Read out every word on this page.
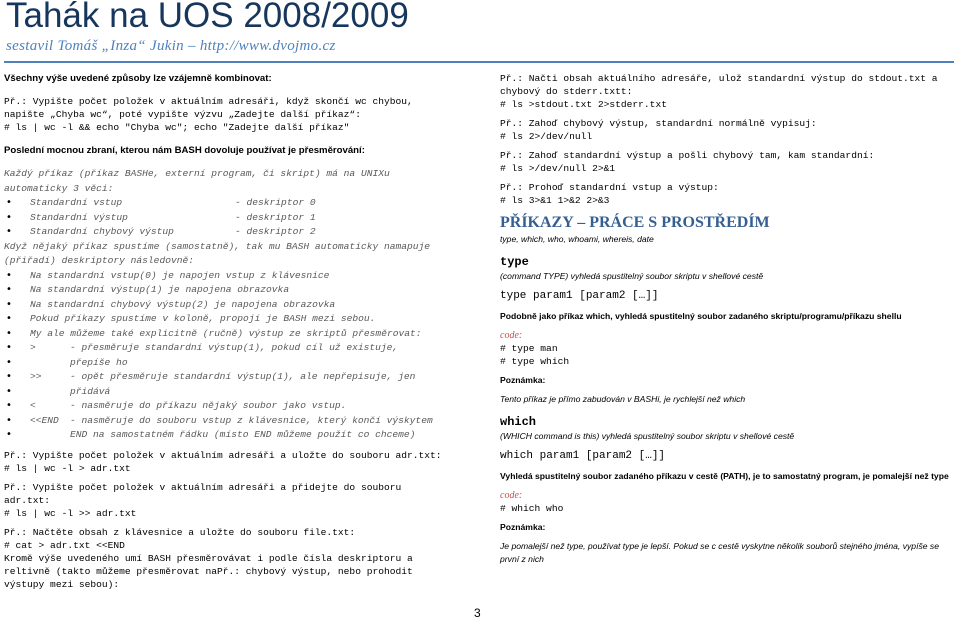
Tahák na UOS 2008/2009
sestavil Tomáš „Inza“ Jukin – http://www.dvojmo.cz
Všechny výše uvedené způsoby lze vzájemně kombinovat:
Př.: Vypište počet položek v aktuálním adresáři, když skončí wc chybou,
napište „Chyba wc“, poté vypište výzvu „Zadejte další příkaz“:
# ls | wc -l && echo "Chyba wc"; echo "Zadejte další příkaz"
Poslední mocnou zbraní, kterou nám BASH dovoluje používat je přesměrování:
Každý příkaz (příkaz BASHe, externí program, či skript) má na UNIXu
automaticky 3 věci:
• Standardní vstup	- deskriptor 0
• Standardní výstup	- deskriptor 1
• Standardní chybový výstup	- deskriptor 2
Když nějaký příkaz spustíme (samostatně), tak mu BASH automaticky namapuje
(přiřadí) deskriptory následovně:
• Na standardní vstup(0) je napojen vstup z klávesnice
• Na standardní výstup(1) je napojena obrazovka
• Na standardní chybový výstup(2) je napojena obrazovka
• Pokud příkazy spustíme v koloně, propojí je BASH mezi sebou.
• My ale můžeme také explicitně (ručně) výstup ze skriptů přesměrovat:
• >	- přesměruje standardní výstup(1), pokud cíl už existuje,
• přepíše ho
• >>	- opět přesměruje standardní výstup(1), ale nepřepisuje, jen
• přidává
• <	- nasměruje do příkazu nějaký soubor jako vstup.
• <<END - nasměruje do souboru vstup z klávesnice, který končí výskytem
• END na samostatném řádku (místo END můžeme použít co chceme)
Př.: Vypište počet položek v aktuálním adresáři a uložte do souboru adr.txt:
# ls | wc -l > adr.txt
Př.: Vypište počet položek v aktuálním adresáři a přidejte do souboru
adr.txt:
# ls | wc -l >> adr.txt
Př.: Načtěte obsah z klávesnice a uložte do souboru file.txt:
# cat > adr.txt <<END
Kromě výše uvedeného umí BASH přesměrovávat i podle čísla deskriptoru a
reltivně (takto můžeme přesměrovat naPř.: chybový výstup, nebo prohodit
výstupy mezi sebou):
Př.: Načti obsah aktuálního adresáře, ulož standardní výstup do stdout.txt a
chybový do stderr.txtt:
# ls >stdout.txt 2>stderr.txt
Př.: Zahoď chybový výstup, standardní normálně vypisuj:
# ls 2>/dev/null
Př.: Zahoď standardní výstup a pošli chybový tam, kam standardní:
# ls >/dev/null 2>&1
Př.: Prohoď standardní vstup a výstup:
# ls 3>&1 1>&2 2>&3
PŘÍKAZY – PRÁCE S PROSTŘEDÍM
type, which, who, whoami, whereis, date
type
(command TYPE) vyhledá spustitelný soubor skriptu v shellové cestě
type param1 [param2 […]]
Podobně jako příkaz which, vyhledá spustitelný soubor zadaného skriptu/programu/příkazu shellu
code:
# type man
# type which
Poznámka:
Tento příkaz je přímo zabudován v BASHi, je rychlejší než which
which
(WHICH command is this) vyhledá spustitelný soubor skriptu v shellové cestě
which param1 [param2 […]]
Vyhledá spustitelný soubor zadaného příkazu v cestě (PATH), je to samostatný program, je pomalejší než type
code:
# which who
Poznámka:
Je pomalejší než type, používat type je lepší. Pokud se c cestě vyskytne několik souborů stejného jména, vypíše se
první z nich
3
